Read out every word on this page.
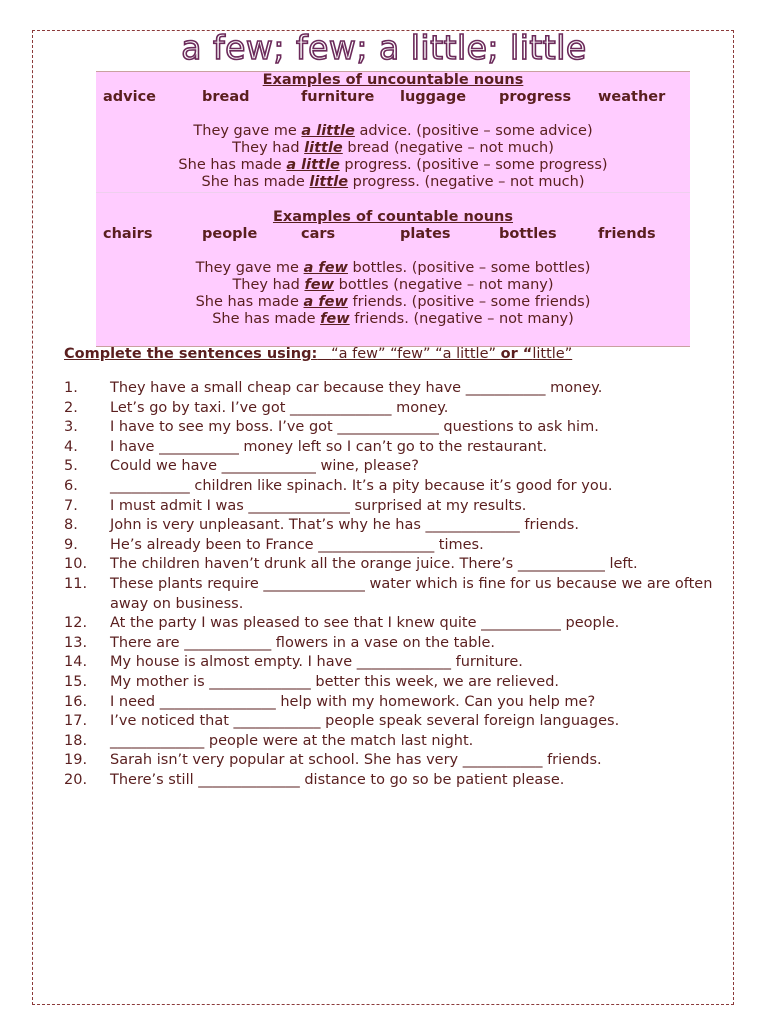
a few; few; a little; little
Examples of uncountable nouns
advice	bread	furniture luggage progress weather
They gave me a little advice. (positive – some advice)
They had little bread (negative – not much)
She has made a little progress. (positive – some progress)
She has made little progress. (negative – not much)
Examples of countable nouns
chairs	people	cars	plates	bottles	friends
They gave me a few bottles. (positive – some bottles)
They had few bottles (negative – not many)
She has made a few friends. (positive – some friends)
She has made few friends. (negative – not many)
Complete the sentences using: “a few” “few” “a little” or “little”
1. They have a small cheap car because they have ___________ money.
2. Let’s go by taxi. I’ve got ______________ money.
3. I have to see my boss. I’ve got ______________ questions to ask him.
4. I have ___________ money left so I can’t go to the restaurant.
5. Could we have _____________ wine, please?
6. ___________ children like spinach. It’s a pity because it’s good for you.
7. I must admit I was ______________ surprised at my results.
8. John is very unpleasant. That’s why he has _____________ friends.
9. He’s already been to France ________________ times.
10. The children haven’t drunk all the orange juice. There’s ____________ left.
11. These plants require ______________ water which is fine for us because we are often away on business.
12. At the party I was pleased to see that I knew quite ___________ people.
13. There are ____________ flowers in a vase on the table.
14. My house is almost empty. I have _____________ furniture.
15. My mother is ______________ better this week, we are relieved.
16. I need ________________ help with my homework. Can you help me?
17. I’ve noticed that ____________ people speak several foreign languages.
18. _____________ people were at the match last night.
19. Sarah isn’t very popular at school. She has very ___________ friends.
20. There’s still ______________ distance to go so be patient please.
